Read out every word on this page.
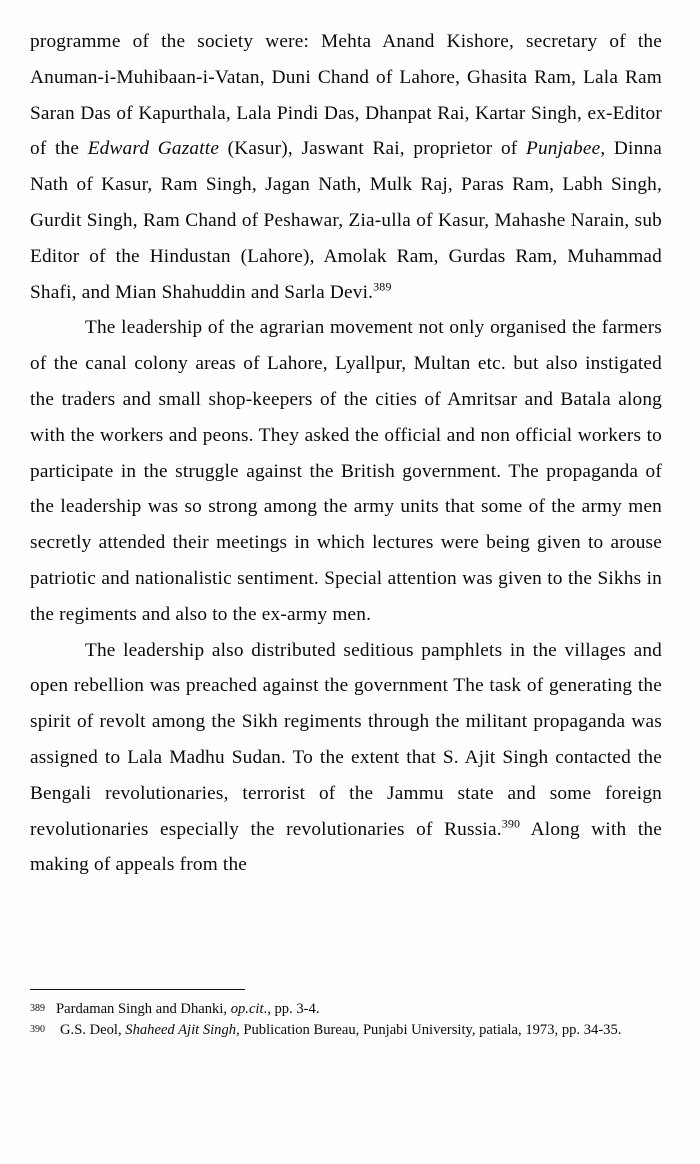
programme of the society were: Mehta Anand Kishore, secretary of the Anuman-i-Muhibaan-i-Vatan, Duni Chand of Lahore, Ghasita Ram, Lala Ram Saran Das of Kapurthala, Lala Pindi Das, Dhanpat Rai, Kartar Singh, ex-Editor of the Edward Gazatte (Kasur), Jaswant Rai, proprietor of Punjabee, Dinna Nath of Kasur, Ram Singh, Jagan Nath, Mulk Raj, Paras Ram, Labh Singh, Gurdit Singh, Ram Chand of Peshawar, Zia-ulla of Kasur, Mahashe Narain, sub Editor of the Hindustan (Lahore), Amolak Ram, Gurdas Ram, Muhammad Shafi, and Mian Shahuddin and Sarla Devi.$^{389}$

The leadership of the agrarian movement not only organised the farmers of the canal colony areas of Lahore, Lyallpur, Multan etc. but also instigated the traders and small shop-keepers of the cities of Amritsar and Batala along with the workers and peons. They asked the official and non official workers to participate in the struggle against the British government. The propaganda of the leadership was so strong among the army units that some of the army men secretly attended their meetings in which lectures were being given to arouse patriotic and nationalistic sentiment. Special attention was given to the Sikhs in the regiments and also to the ex-army men.

The leadership also distributed seditious pamphlets in the villages and open rebellion was preached against the government The task of generating the spirit of revolt among the Sikh regiments through the militant propaganda was assigned to Lala Madhu Sudan. To the extent that S. Ajit Singh contacted the Bengali revolutionaries, terrorist of the Jammu state and some foreign revolutionaries especially the revolutionaries of Russia.$^{390}$ Along with the making of appeals from the

389 Pardaman Singh and Dhanki, op.cit., pp. 3-4.
390 G.S. Deol, Shaheed Ajit Singh, Publication Bureau, Punjabi University, patiala, 1973, pp. 34-35.
